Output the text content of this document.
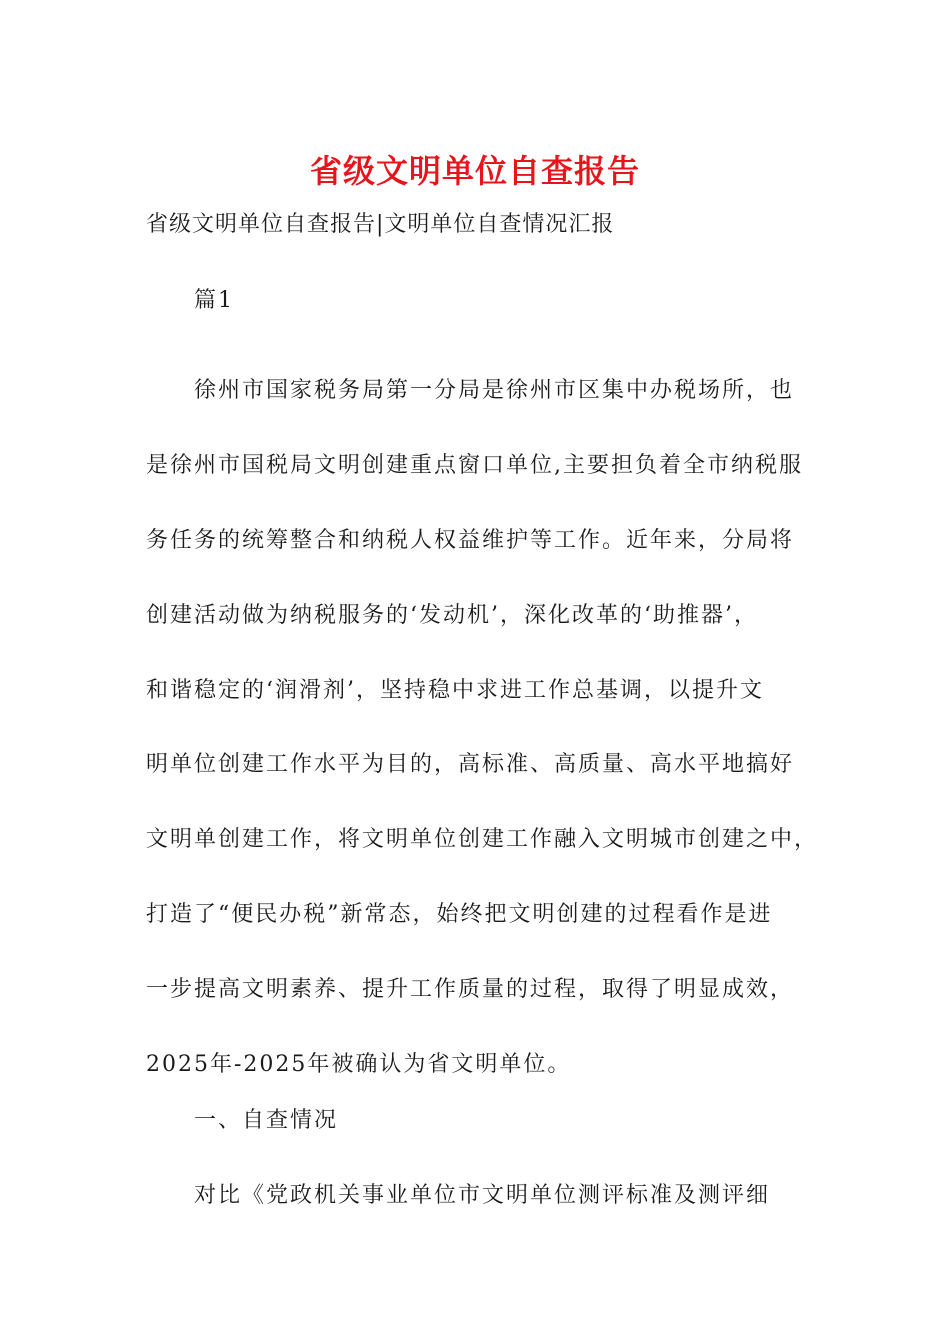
省级文明单位自查报告

省级文明单位自查报告|文明单位自查情况汇报

篇1

徐州市国家税务局第一分局是徐州市区集中办税场所，也
是徐州市国税局文明创建重点窗口单位,主要担负着全市纳税服
务任务的统筹整合和纳税人权益维护等工作。近年来，分局将
创建活动做为纳税服务的‘发动机’，深化改革的‘助推器’，
和谐稳定的‘润滑剂’，坚持稳中求进工作总基调，以提升文
明单位创建工作水平为目的，高标准、高质量、高水平地搞好
文明单创建工作，将文明单位创建工作融入文明城市创建之中，
打造了“便民办税”新常态，始终把文明创建的过程看作是进
一步提高文明素养、提升工作质量的过程，取得了明显成效，
2025年-2025年被确认为省文明单位。

一、自查情况

对比《党政机关事业单位市文明单位测评标准及测评细
